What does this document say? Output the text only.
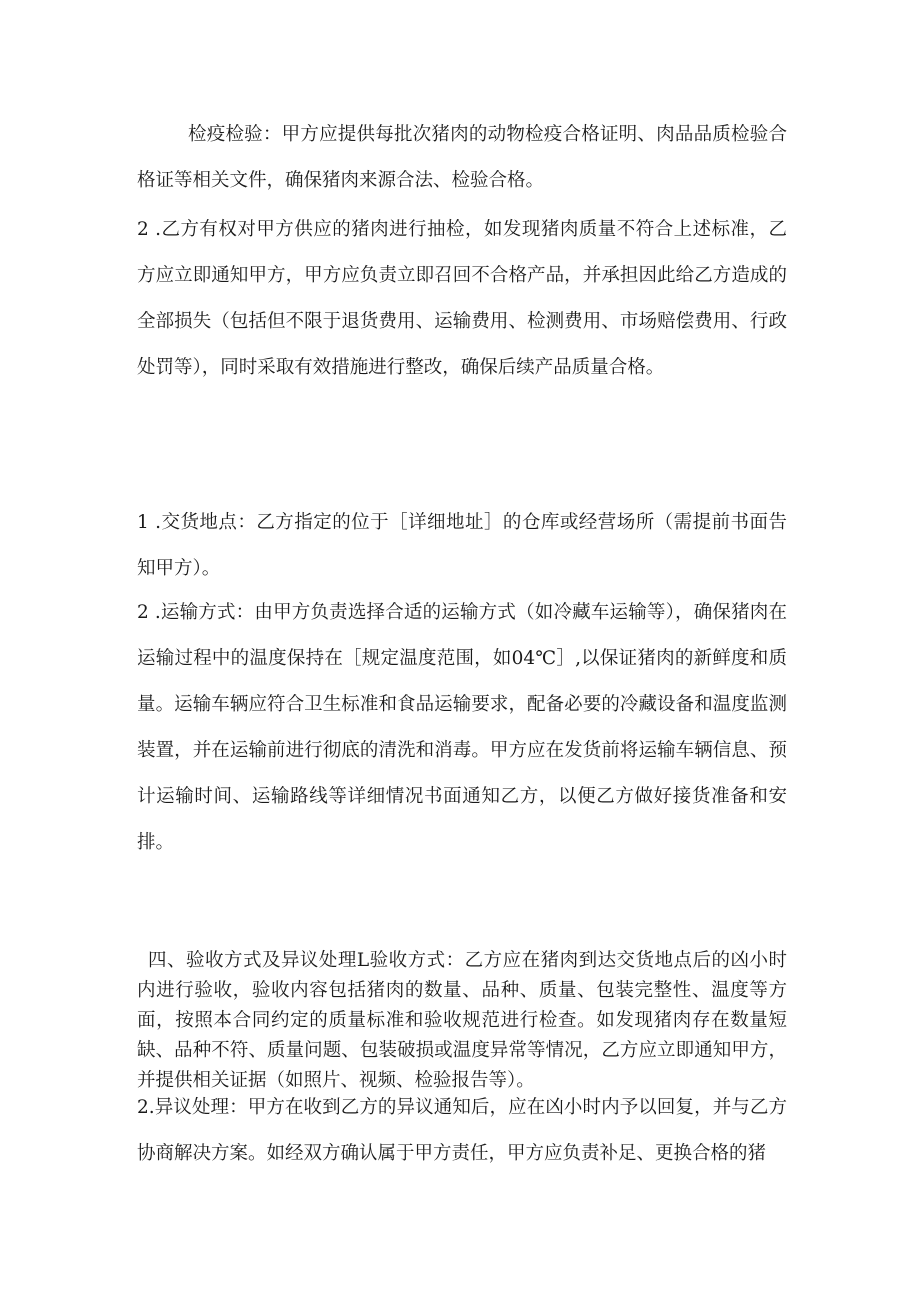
检疫检验：甲方应提供每批次猪肉的动物检疫合格证明、肉品品质检验合格证等相关文件，确保猪肉来源合法、检验合格。

2 .乙方有权对甲方供应的猪肉进行抽检，如发现猪肉质量不符合上述标准，乙方应立即通知甲方，甲方应负责立即召回不合格产品，并承担因此给乙方造成的全部损失（包括但不限于退货费用、运输费用、检测费用、市场赔偿费用、行政处罚等），同时采取有效措施进行整改，确保后续产品质量合格。

1 .交货地点：乙方指定的位于［详细地址］的仓库或经营场所（需提前书面告知甲方）。

2 .运输方式：由甲方负责选择合适的运输方式（如冷藏车运输等），确保猪肉在运输过程中的温度保持在［规定温度范围，如04℃］,以保证猪肉的新鲜度和质量。运输车辆应符合卫生标准和食品运输要求，配备必要的冷藏设备和温度监测装置，并在运输前进行彻底的清洗和消毒。甲方应在发货前将运输车辆信息、预计运输时间、运输路线等详细情况书面通知乙方，以便乙方做好接货准备和安排。

四、验收方式及异议处理L验收方式：乙方应在猪肉到达交货地点后的凶小时内进行验收，验收内容包括猪肉的数量、品种、质量、包装完整性、温度等方面，按照本合同约定的质量标准和验收规范进行检查。如发现猪肉存在数量短缺、品种不符、质量问题、包装破损或温度异常等情况，乙方应立即通知甲方，并提供相关证据（如照片、视频、检验报告等）。

2.异议处理：甲方在收到乙方的异议通知后，应在凶小时内予以回复，并与乙方协商解决方案。如经双方确认属于甲方责任，甲方应负责补足、更换合格的猪
